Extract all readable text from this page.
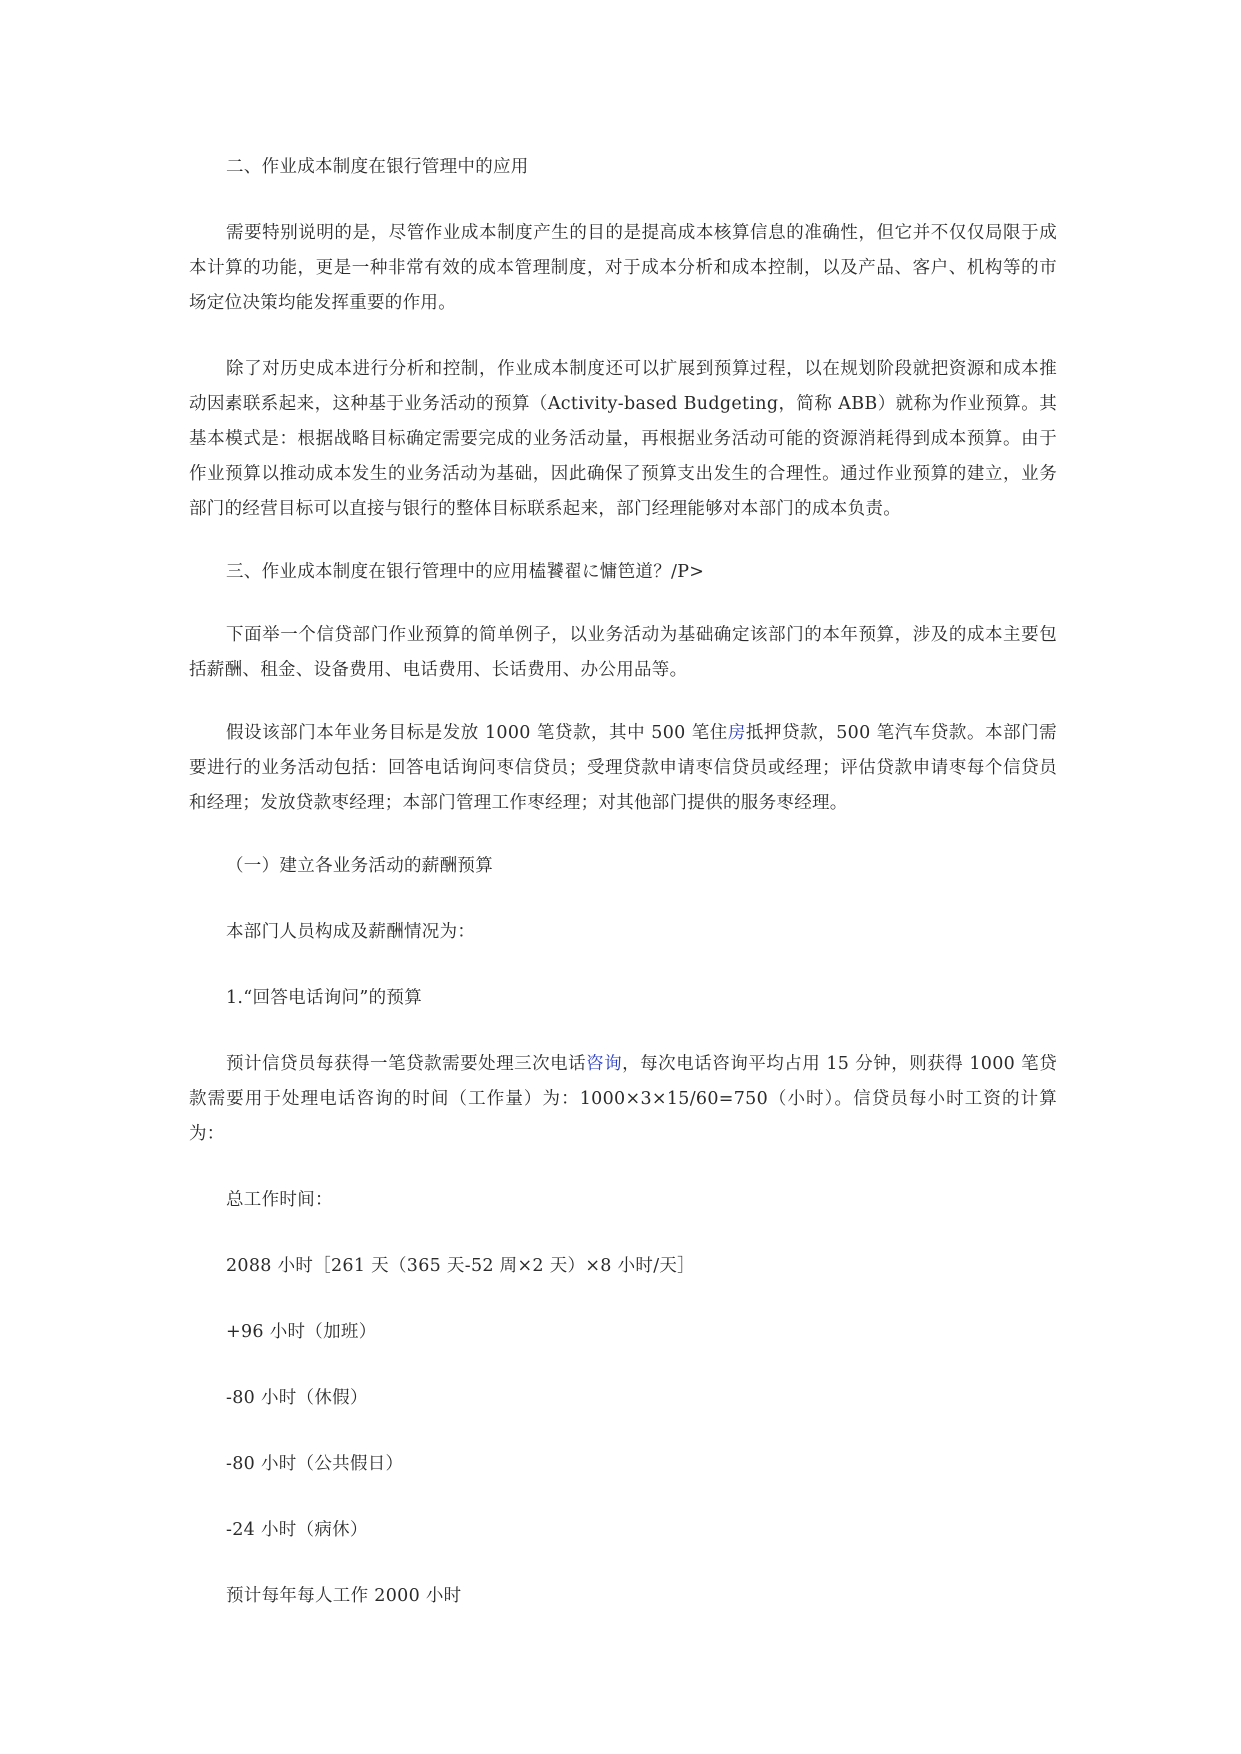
二、作业成本制度在银行管理中的应用

需要特别说明的是，尽管作业成本制度产生的目的是提高成本核算信息的准确性，但它并不仅仅局限于成本计算的功能，更是一种非常有效的成本管理制度，对于成本分析和成本控制，以及产品、客户、机构等的市场定位决策均能发挥重要的作用。

除了对历史成本进行分析和控制，作业成本制度还可以扩展到预算过程，以在规划阶段就把资源和成本推动因素联系起来，这种基于业务活动的预算（Activity-based Budgeting，简称 ABB）就称为作业预算。其基本模式是：根据战略目标确定需要完成的业务活动量，再根据业务活动可能的资源消耗得到成本预算。由于作业预算以推动成本发生的业务活动为基础，因此确保了预算支出发生的合理性。通过作业预算的建立，业务部门的经营目标可以直接与银行的整体目标联系起来，部门经理能够对本部门的成本负责。

三、作业成本制度在银行管理中的应用榼饕翟に慵笆道？/P>

下面举一个信贷部门作业预算的简单例子，以业务活动为基础确定该部门的本年预算，涉及的成本主要包括薪酬、租金、设备费用、电话费用、长话费用、办公用品等。

假设该部门本年业务目标是发放 1000 笔贷款，其中 500 笔住房抵押贷款，500 笔汽车贷款。本部门需要进行的业务活动包括：回答电话询问枣信贷员；受理贷款申请枣信贷员或经理；评估贷款申请枣每个信贷员和经理；发放贷款枣经理；本部门管理工作枣经理；对其他部门提供的服务枣经理。

（一）建立各业务活动的薪酬预算

本部门人员构成及薪酬情况为：

1.“回答电话询问”的预算

预计信贷员每获得一笔贷款需要处理三次电话咨询，每次电话咨询平均占用 15 分钟，则获得 1000 笔贷款需要用于处理电话咨询的时间（工作量）为：1000×3×15/60=750（小时）。信贷员每小时工资的计算为：

总工作时间：

2088 小时［261 天（365 天-52 周×2 天）×8 小时/天］

+96 小时（加班）

-80 小时（休假）

-80 小时（公共假日）

-24 小时（病休）

预计每年每人工作 2000 小时
